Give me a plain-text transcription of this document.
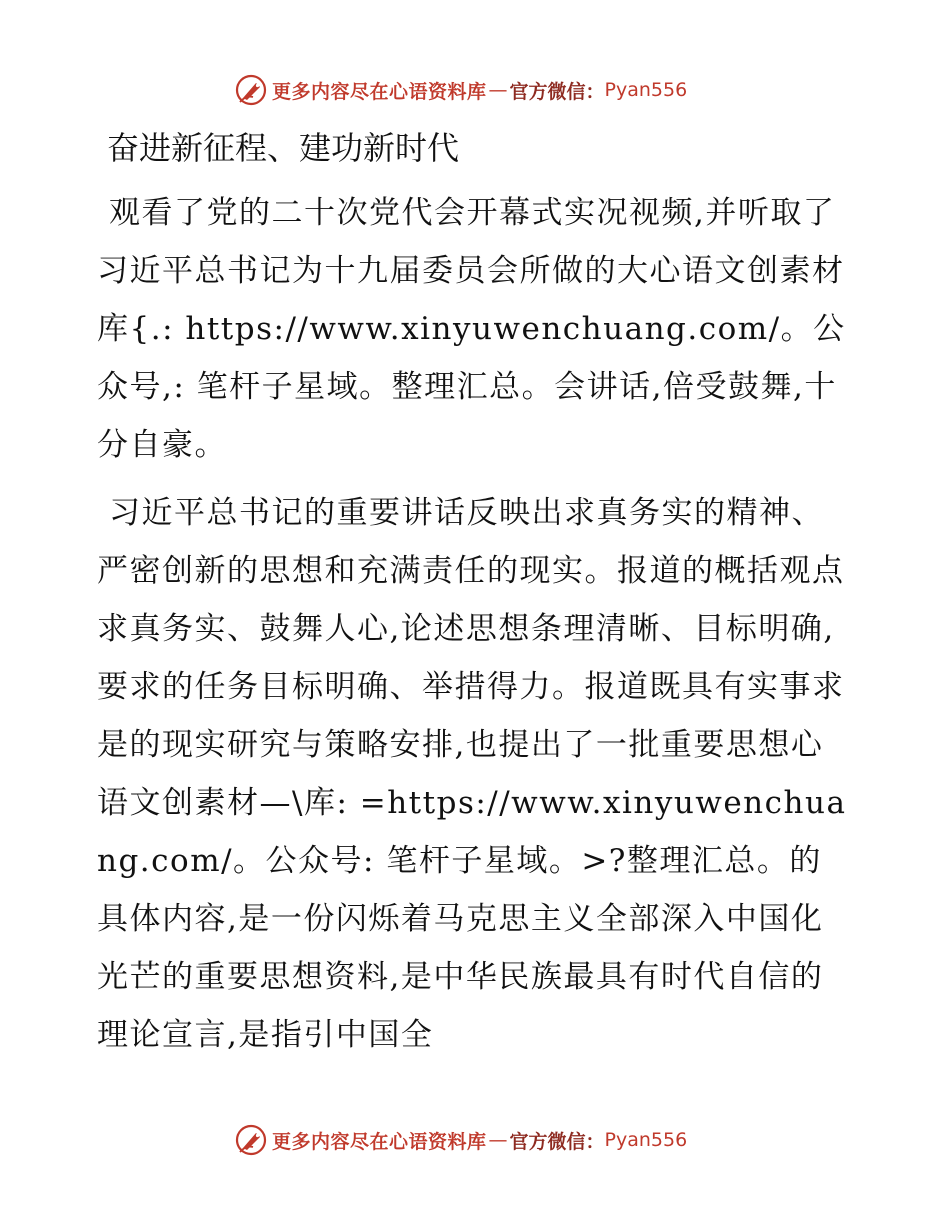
更多内容尽在心语资料库 — 官方微信： Pyan556
奋进新征程、建功新时代

观看了党的二十次党代会开幕式实况视频,并听取了习近平总书记为十九届委员会所做的大心语文创素材库{.: https://www.xinyuwenchuang.com/。公众号,: 笔杆子星域。整理汇总。会讲话,倍受鼓舞,十分自豪。

习近平总书记的重要讲话反映出求真务实的精神、严密创新的思想和充满责任的现实。报道的概括观点求真务实、鼓舞人心,论述思想条理清晰、目标明确,要求的任务目标明确、举措得力。报道既具有实事求是的现实研究与策略安排,也提出了一批重要思想心语文创素材—\库: =https://www.xinyuwenchuang.com/。公众号: 笔杆子星域。>?整理汇总。的具体内容,是一份闪烁着马克思主义全部深入中国化光芒的重要思想资料,是中华民族最具有时代自信的理论宣言,是指引中国全

更多内容尽在心语资料库 — 官方微信： Pyan556
